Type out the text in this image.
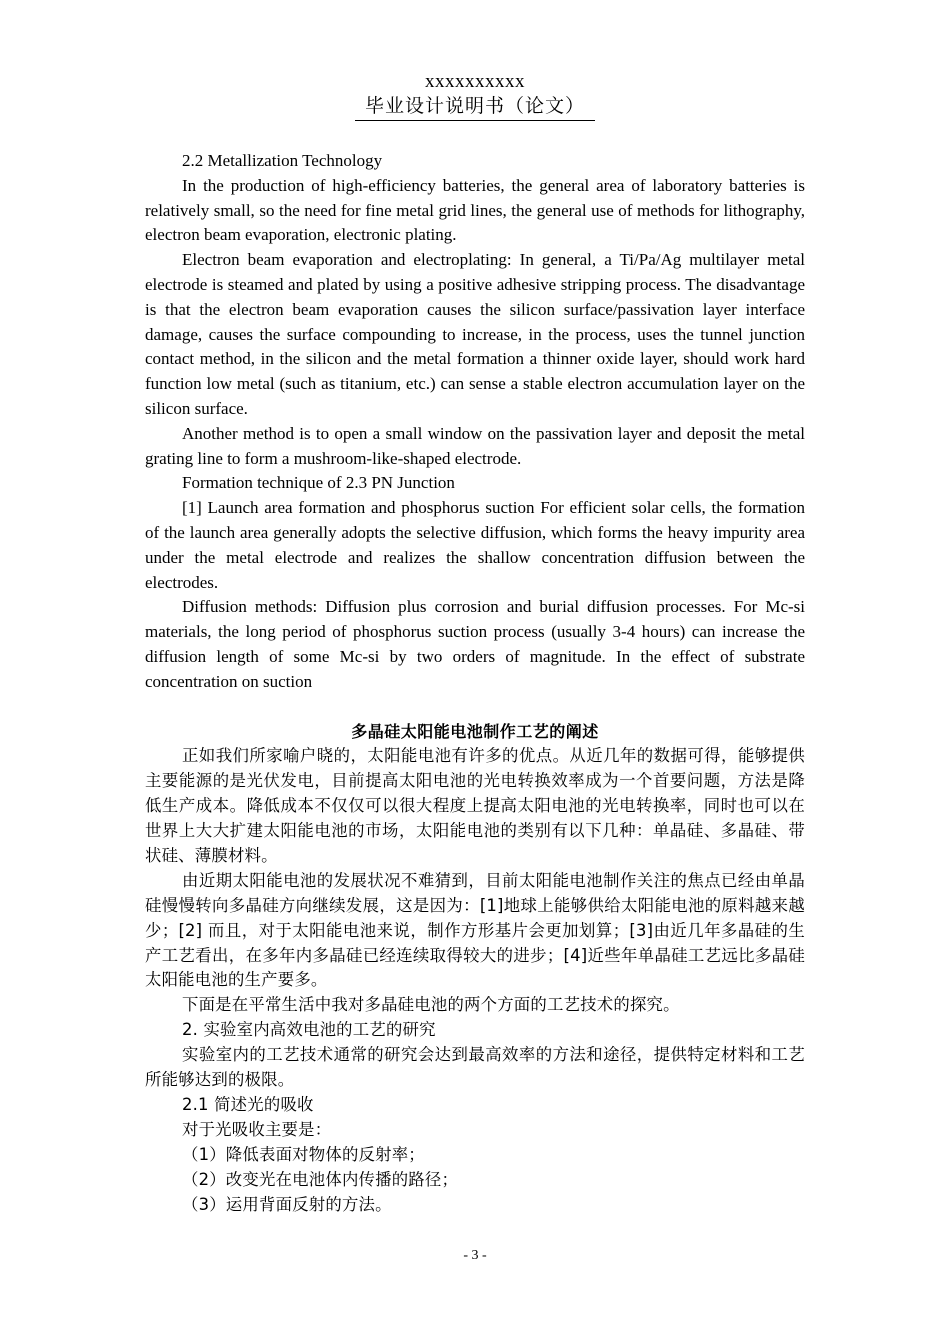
xxxxxxxxxx
毕业设计说明书（论文）

2.2 Metallization Technology

In the production of high-efficiency batteries, the general area of laboratory batteries is relatively small, so the need for fine metal grid lines, the general use of methods for lithography, electron beam evaporation, electronic plating.

Electron beam evaporation and electroplating: In general, a Ti/Pa/Ag multilayer metal electrode is steamed and plated by using a positive adhesive stripping process. The disadvantage is that the electron beam evaporation causes the silicon surface/passivation layer interface damage, causes the surface compounding to increase, in the process, uses the tunnel junction contact method, in the silicon and the metal formation a thinner oxide layer, should work hard function low metal (such as titanium, etc.) can sense a stable electron accumulation layer on the silicon surface.

Another method is to open a small window on the passivation layer and deposit the metal grating line to form a mushroom-like-shaped electrode.

Formation technique of 2.3 PN Junction

[1] Launch area formation and phosphorus suction For efficient solar cells, the formation of the launch area generally adopts the selective diffusion, which forms the heavy impurity area under the metal electrode and realizes the shallow concentration diffusion between the electrodes.

Diffusion methods: Diffusion plus corrosion and burial diffusion processes. For Mc-si materials, the long period of phosphorus suction process (usually 3-4 hours) can increase the diffusion length of some Mc-si by two orders of magnitude. In the effect of substrate concentration on suction

多晶硅太阳能电池制作工艺的阐述

正如我们所家喻户晓的，太阳能电池有许多的优点。从近几年的数据可得，能够提供主要能源的是光伏发电，目前提高太阳电池的光电转换效率成为一个首要问题，方法是降低生产成本。降低成本不仅仅可以很大程度上提高太阳电池的光电转换率，同时也可以在世界上大大扩建太阳能电池的市场，太阳能电池的类别有以下几种：单晶硅、多晶硅、带状硅、薄膜材料。

由近期太阳能电池的发展状况不难猜到，目前太阳能电池制作关注的焦点已经由单晶硅慢慢转向多晶硅方向继续发展，这是因为：[1]地球上能够供给太阳能电池的原料越来越少；[2] 而且，对于太阳能电池来说，制作方形基片会更加划算；[3]由近几年多晶硅的生产工艺看出，在多年内多晶硅已经连续取得较大的进步；[4]近些年单晶硅工艺远比多晶硅太阳能电池的生产要多。

下面是在平常生活中我对多晶硅电池的两个方面的工艺技术的探究。

2. 实验室内高效电池的工艺的研究

实验室内的工艺技术通常的研究会达到最高效率的方法和途径，提供特定材料和工艺所能够达到的极限。

2.1 简述光的吸收

对于光吸收主要是：

（1）降低表面对物体的反射率；

（2）改变光在电池体内传播的路径；

（3）运用背面反射的方法。

- 3 -
